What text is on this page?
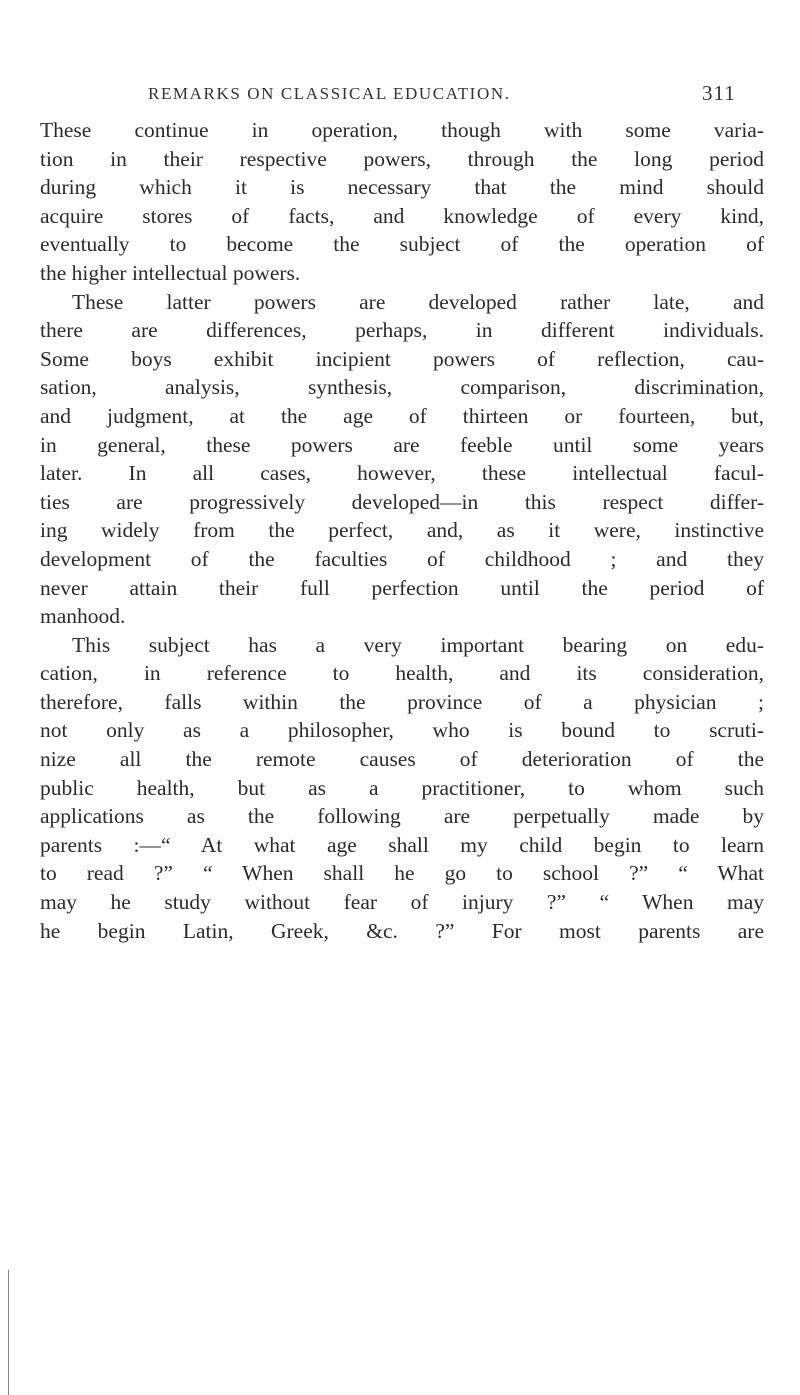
REMARKS ON CLASSICAL EDUCATION.	311
These continue in operation, though with some varia-
tion in their respective powers, through the long period
during which it is necessary that the mind should
acquire stores of facts, and knowledge of every kind,
eventually to become the subject of the operation of
the higher intellectual powers.
These latter powers are developed rather late, and
there are differences, perhaps, in different individuals.
Some boys exhibit incipient powers of reflection, cau-
sation, analysis, synthesis, comparison, discrimination,
and judgment, at the age of thirteen or fourteen, but,
in general, these powers are feeble until some years
later. In all cases, however, these intellectual facul-
ties are progressively developed—in this respect differ-
ing widely from the perfect, and, as it were, instinctive
development of the faculties of childhood ; and they
never attain their full perfection until the period of
manhood.
This subject has a very important bearing on edu-
cation, in reference to health, and its consideration,
therefore, falls within the province of a physician ;
not only as a philosopher, who is bound to scruti-
nize all the remote causes of deterioration of the
public health, but as a practitioner, to whom such
applications as the following are perpetually made by
parents :—“ At what age shall my child begin to learn
to read ?” “ When shall he go to school ?” “ What
may he study without fear of injury ?” “ When may
he begin Latin, Greek, &c. ?” For most parents are
